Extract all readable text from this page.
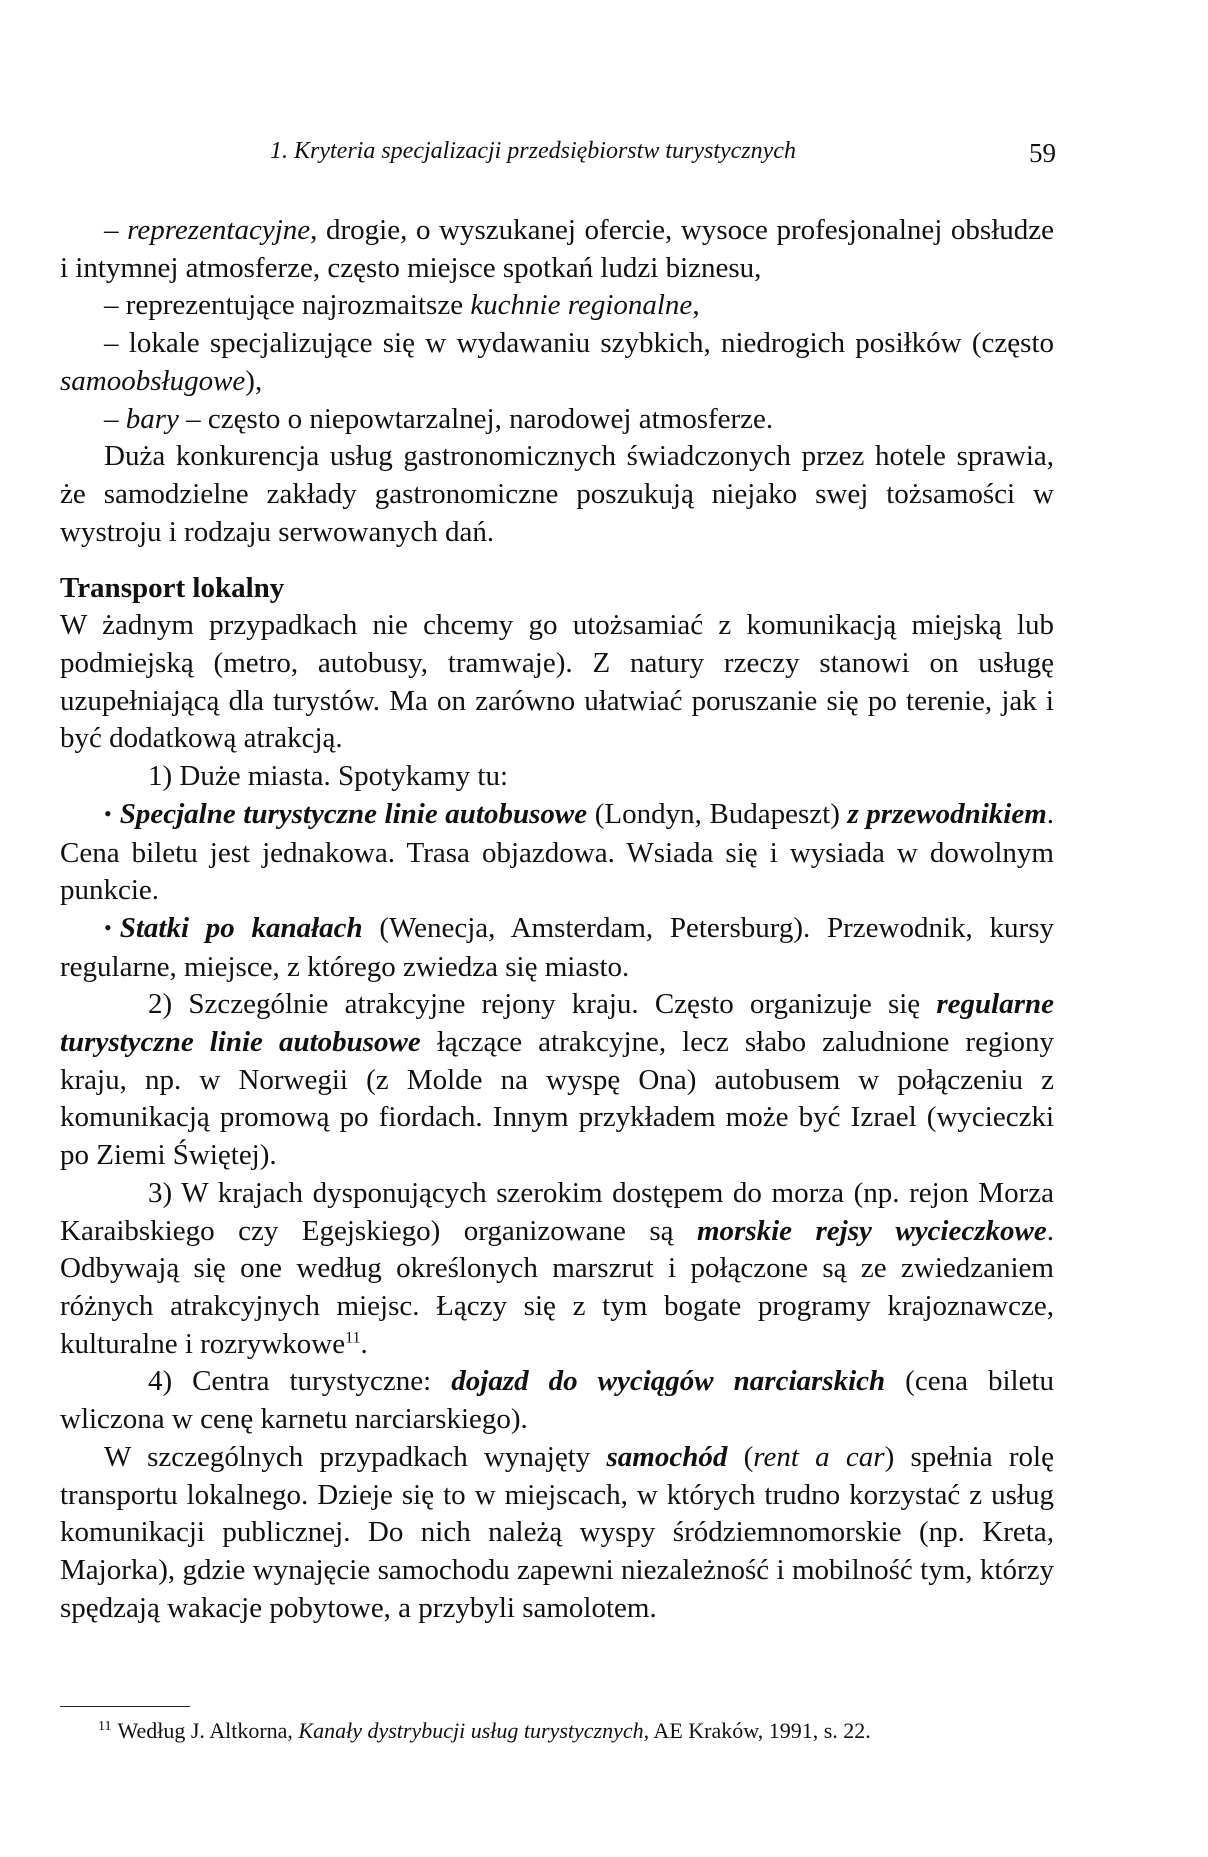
1. Kryteria specjalizacji przedsiębiorstw turystycznych	59

– reprezentacyjne, drogie, o wyszukanej ofercie, wysoce profesjonalnej obsłudze i intymnej atmosferze, często miejsce spotkań ludzi biznesu,

– reprezentujące najrozmaitsze kuchnie regionalne,

– lokale specjalizujące się w wydawaniu szybkich, niedrogich posiłków (często samoobsługowe),

– bary – często o niepowtarzalnej, narodowej atmosferze.

Duża konkurencja usług gastronomicznych świadczonych przez hotele sprawia, że samodzielne zakłady gastronomiczne poszukują niejako swej tożsamości w wystroju i rodzaju serwowanych dań.

Transport lokalny

W żadnym przypadkach nie chcemy go utożsamiać z komunikacją miejską lub podmiejską (metro, autobusy, tramwaje). Z natury rzeczy stanowi on usługę uzupełniającą dla turystów. Ma on zarówno ułatwiać poruszanie się po terenie, jak i być dodatkową atrakcją.

1) Duże miasta. Spotykamy tu:

• Specjalne turystyczne linie autobusowe (Londyn, Budapeszt) z przewodnikiem. Cena biletu jest jednakowa. Trasa objazdowa. Wsiada się i wysiada w dowolnym punkcie.

• Statki po kanałach (Wenecja, Amsterdam, Petersburg). Przewodnik, kursy regularne, miejsce, z którego zwiedza się miasto.

2) Szczególnie atrakcyjne rejony kraju. Często organizuje się regularne turystyczne linie autobusowe łączące atrakcyjne, lecz słabo zaludnione regiony kraju, np. w Norwegii (z Molde na wyspę Ona) autobusem w połączeniu z komunikacją promową po fiordach. Innym przykładem może być Izrael (wycieczki po Ziemi Świętej).

3) W krajach dysponujących szerokim dostępem do morza (np. rejon Morza Karaibskiego czy Egejskiego) organizowane są morskie rejsy wycieczkowe. Odbywają się one według określonych marszrut i połączone są ze zwiedzaniem różnych atrakcyjnych miejsc. Łączy się z tym bogate programy krajoznawcze, kulturalne i rozrywkowe$^{11}$.

4) Centra turystyczne: dojazd do wyciągów narciarskich (cena biletu wliczona w cenę karnetu narciarskiego).

W szczególnych przypadkach wynajęty samochód (rent a car) spełnia rolę transportu lokalnego. Dzieje się to w miejscach, w których trudno korzystać z usług komunikacji publicznej. Do nich należą wyspy śródziemnomorskie (np. Kreta, Majorka), gdzie wynajęcie samochodu zapewni niezależność i mobilność tym, którzy spędzają wakacje pobytowe, a przybyli samolotem.

$^{11}$ Według J. Altkorna, Kanały dystrybucji usług turystycznych, AE Kraków, 1991, s. 22.
